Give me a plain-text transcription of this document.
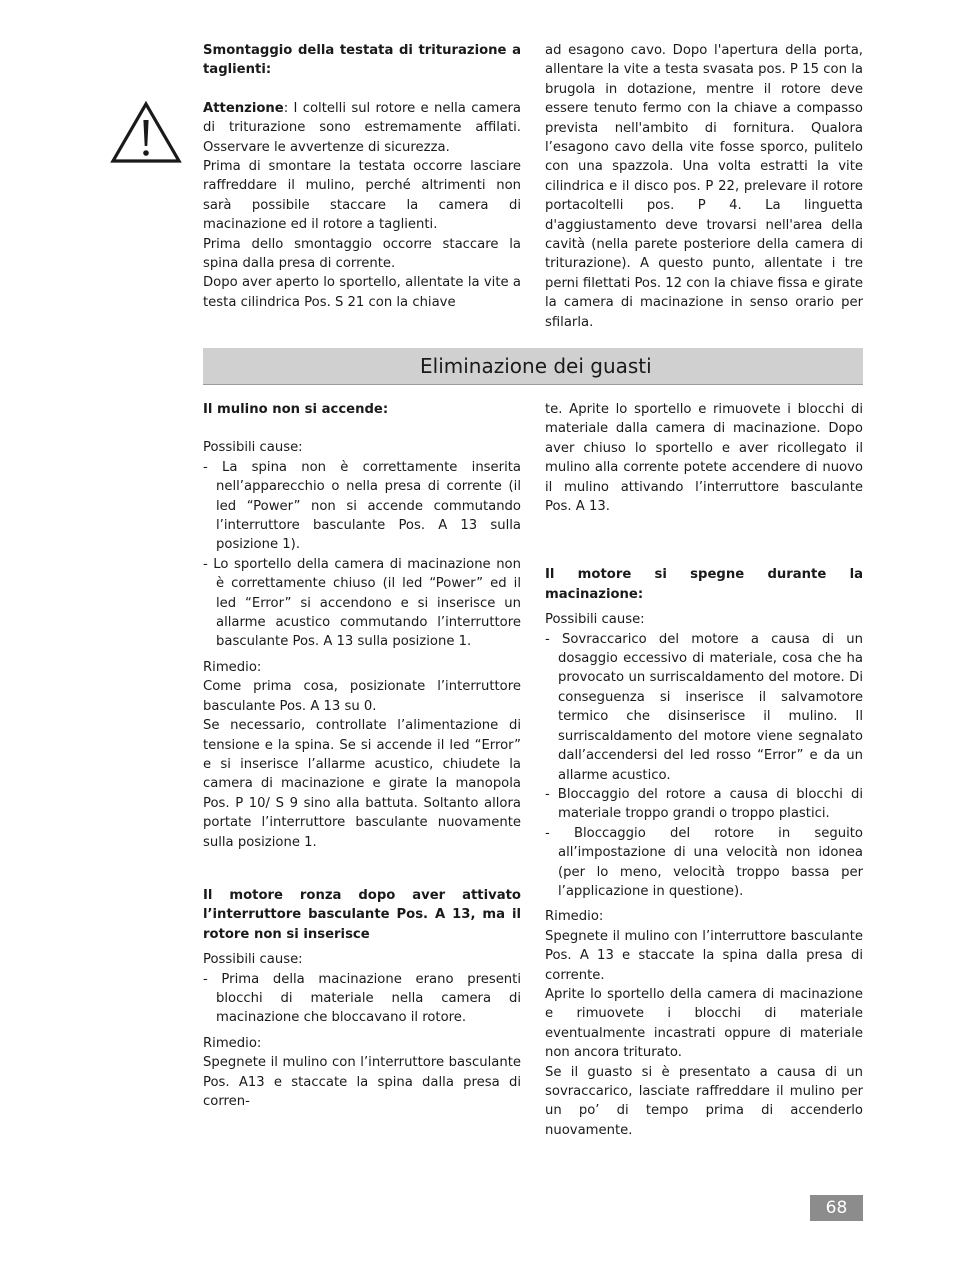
Smontaggio della testata di triturazione a taglienti:

Attenzione: I coltelli sul rotore e nella camera di triturazione sono estremamente affilati. Osservare le avvertenze di sicurezza.

Prima di smontare la testata occorre lasciare raffreddare il mulino, perché altrimenti non sarà possibile staccare la camera di macinazione ed il rotore a taglienti.

Prima dello smontaggio occorre staccare la spina dalla presa di corrente.

Dopo aver aperto lo sportello, allentate la vite a testa cilindrica Pos. S 21 con la chiave

ad esagono cavo. Dopo l'apertura della porta, allentare la vite a testa svasata pos. P 15 con la brugola in dotazione, mentre il rotore deve essere tenuto fermo con la chiave a compasso prevista nell'ambito di fornitura. Qualora l’esagono cavo della vite fosse sporco, pulitelo con una spazzola. Una volta estratti la vite cilindrica e il disco pos. P 22, prelevare il rotore portacoltelli pos. P 4. La linguetta d'aggiustamento deve trovarsi nell'area della cavità (nella parete posteriore della camera di triturazione). A questo punto, allentate i tre perni filettati Pos. 12 con la chiave fissa e girate la camera di macinazione in senso orario per sfilarla.

Eliminazione dei guasti

Il mulino non si accende:

Possibili cause:

- La spina non è correttamente inserita nell’apparecchio o nella presa di corrente (il led “Power” non si accende commutando l’interruttore basculante Pos. A 13 sulla posizione 1).

- Lo sportello della camera di macinazione non è correttamente chiuso (il led “Power” ed il led “Error” si accendono e si inserisce un allarme acustico commutando l’interruttore basculante Pos. A 13 sulla posizione 1.

Rimedio:

Come prima cosa, posizionate l’interruttore basculante Pos. A 13 su 0.

Se necessario, controllate l’alimentazione di tensione e la spina. Se si accende il led “Error” e si inserisce l’allarme acustico, chiudete la camera di macinazione e girate la manopola Pos. P 10/ S 9 sino alla battuta. Soltanto allora portate l’interruttore basculante nuovamente sulla posizione 1.

Il motore ronza dopo aver attivato l’interruttore basculante Pos. A 13, ma il rotore non si inserisce

Possibili cause:

- Prima della macinazione erano presenti blocchi di materiale nella camera di macinazione che bloccavano il rotore.

Rimedio:

Spegnete il mulino con l’interruttore basculante Pos. A13 e staccate la spina dalla presa di corren-

te. Aprite lo sportello e rimuovete i blocchi di materiale dalla camera di macinazione. Dopo aver chiuso lo sportello e aver ricollegato il mulino alla corrente potete accendere di nuovo il mulino attivando l’interruttore basculante Pos. A 13.

Il motore si spegne durante la macinazione:

Possibili cause:

- Sovraccarico del motore a causa di un dosaggio eccessivo di materiale, cosa che ha provocato un surriscaldamento del motore. Di conseguenza si inserisce il salvamotore termico che disinserisce il mulino. Il surriscaldamento del motore viene segnalato dall’accendersi del led rosso “Error” e da un allarme acustico.

- Bloccaggio del rotore a causa di blocchi di materiale troppo grandi o troppo plastici.

- Bloccaggio del rotore in seguito all’impostazione di una velocità non idonea (per lo meno, velocità troppo bassa per l’applicazione in questione).

Rimedio:

Spegnete il mulino con l’interruttore basculante Pos. A 13 e staccate la spina dalla presa di corrente.

Aprite lo sportello della camera di macinazione e rimuovete i blocchi di materiale eventualmente incastrati oppure di materiale non ancora triturato.

Se il guasto si è presentato a causa di un sovraccarico, lasciate raffreddare il mulino per un po’ di tempo prima di accenderlo nuovamente.

68
